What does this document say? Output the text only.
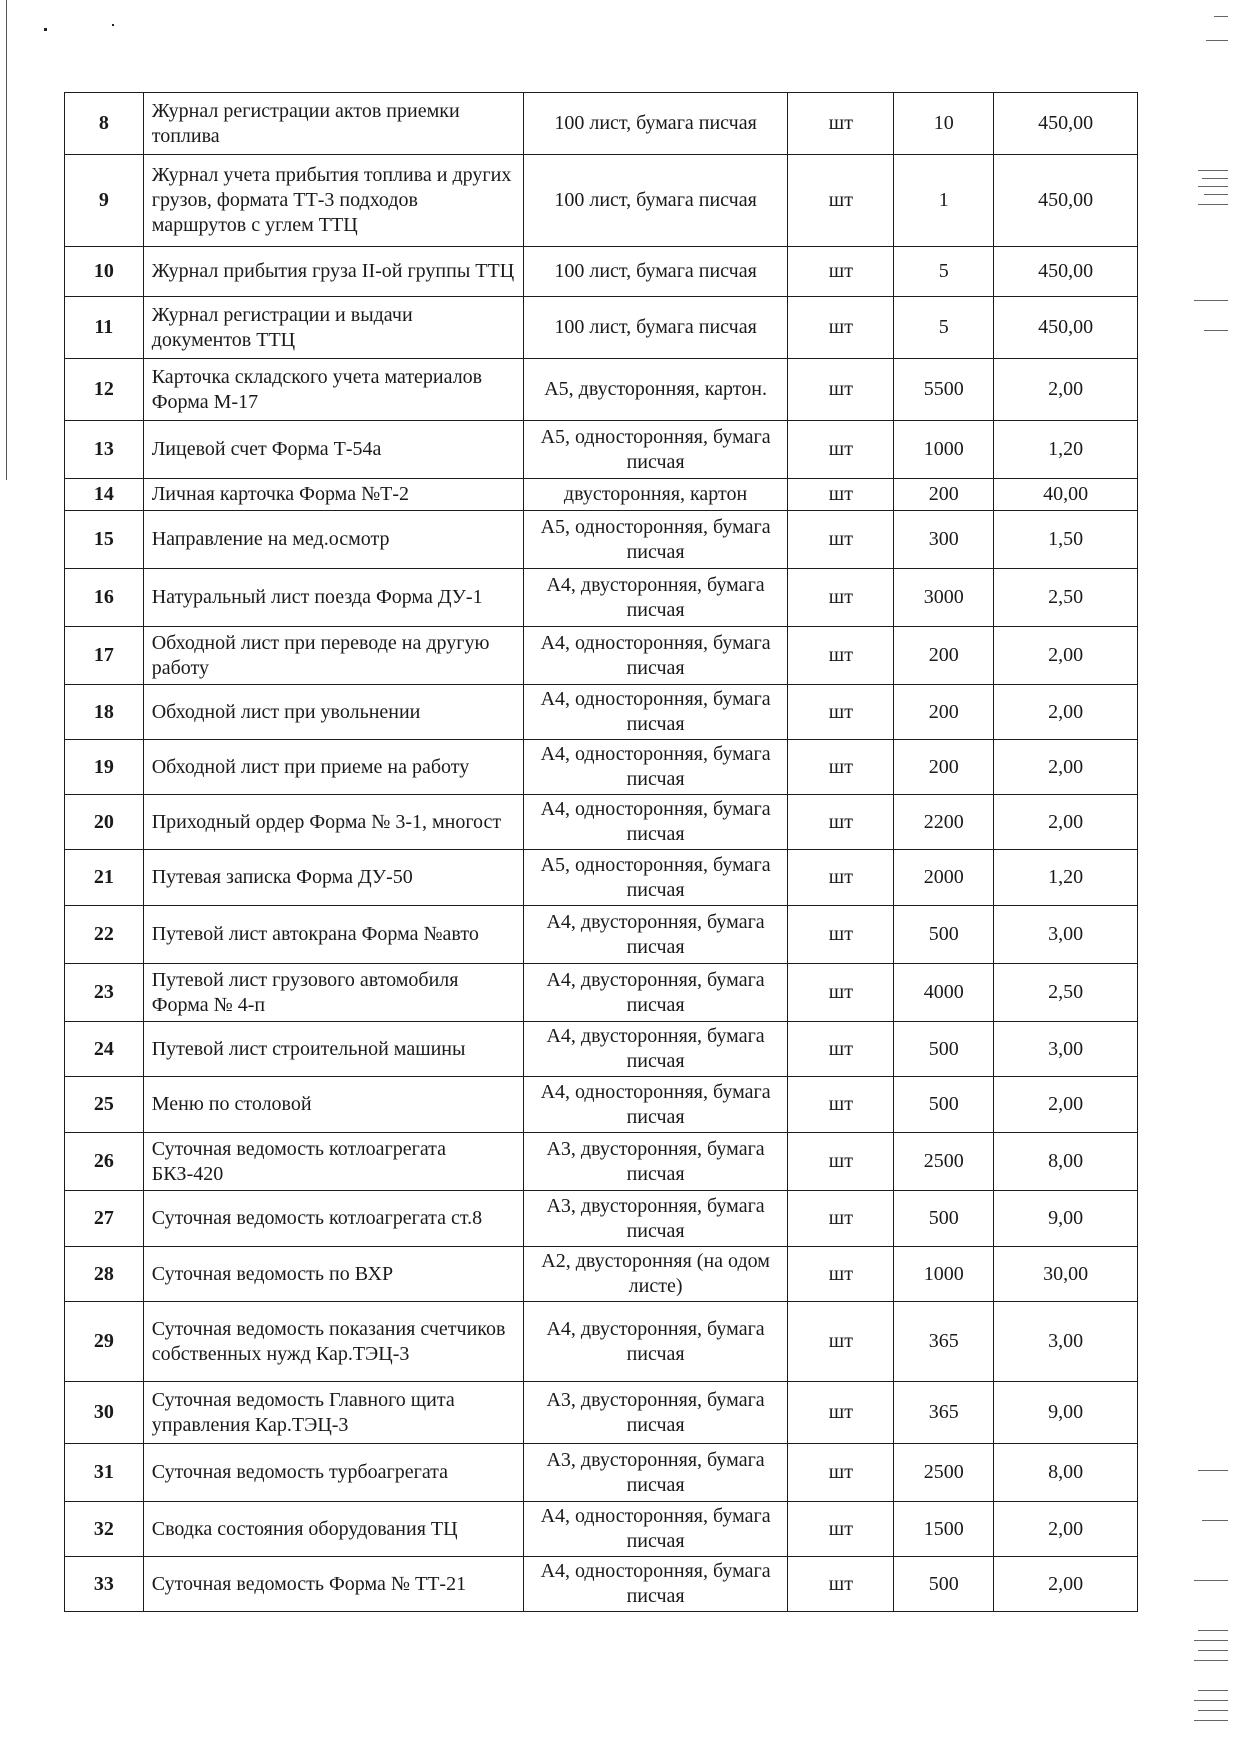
8	Журнал регистрации актов приемки топлива	100 лист, бумага писчая	шт	10	450,00
9	Журнал учета прибытия топлива и других грузов, формата ТТ-3 подходов маршрутов с углем ТТЦ	100 лист, бумага писчая	шт	1	450,00
10	Журнал прибытия груза II-ой группы ТТЦ	100 лист, бумага писчая	шт	5	450,00
11	Журнал регистрации и выдачи документов ТТЦ	100 лист, бумага писчая	шт	5	450,00
12	Карточка складского учета материалов Форма М-17	А5, двусторонняя, картон.	шт	5500	2,00
13	Лицевой счет Форма Т-54а	А5, односторонняя, бумага писчая	шт	1000	1,20
14	Личная карточка Форма №Т-2	двусторонняя, картон	шт	200	40,00
15	Направление на мед.осмотр	А5, односторонняя, бумага писчая	шт	300	1,50
16	Натуральный лист поезда Форма ДУ-1	А4, двусторонняя, бумага писчая	шт	3000	2,50
17	Обходной лист при переводе на другую работу	А4, односторонняя, бумага писчая	шт	200	2,00
18	Обходной лист при увольнении	А4, односторонняя, бумага писчая	шт	200	2,00
19	Обходной лист при приеме на работу	А4, односторонняя, бумага писчая	шт	200	2,00
20	Приходный ордер Форма № 3-1, многост	А4, односторонняя, бумага писчая	шт	2200	2,00
21	Путевая записка Форма ДУ-50	А5, односторонняя, бумага писчая	шт	2000	1,20
22	Путевой лист автокрана Форма №авто	А4, двусторонняя, бумага писчая	шт	500	3,00
23	Путевой лист грузового автомобиля Форма № 4-п	А4, двусторонняя, бумага писчая	шт	4000	2,50
24	Путевой лист строительной машины	А4, двусторонняя, бумага писчая	шт	500	3,00
25	Меню по столовой	А4, односторонняя, бумага писчая	шт	500	2,00
26	Суточная ведомость котлоагрегата БКЗ-420	А3, двусторонняя, бумага писчая	шт	2500	8,00
27	Суточная ведомость котлоагрегата ст.8	А3, двусторонняя, бумага писчая	шт	500	9,00
28	Суточная ведомость по ВХР	А2, двусторонняя (на одом листе)	шт	1000	30,00
29	Суточная ведомость показания счетчиков собственных нужд Кар.ТЭЦ-3	А4, двусторонняя, бумага писчая	шт	365	3,00
30	Суточная ведомость Главного щита управления Кар.ТЭЦ-3	А3, двусторонняя, бумага писчая	шт	365	9,00
31	Суточная ведомость турбоагрегата	А3, двусторонняя, бумага писчая	шт	2500	8,00
32	Сводка состояния оборудования ТЦ	А4, односторонняя, бумага писчая	шт	1500	2,00
33	Суточная ведомость Форма № ТТ-21	А4, односторонняя, бумага писчая	шт	500	2,00
